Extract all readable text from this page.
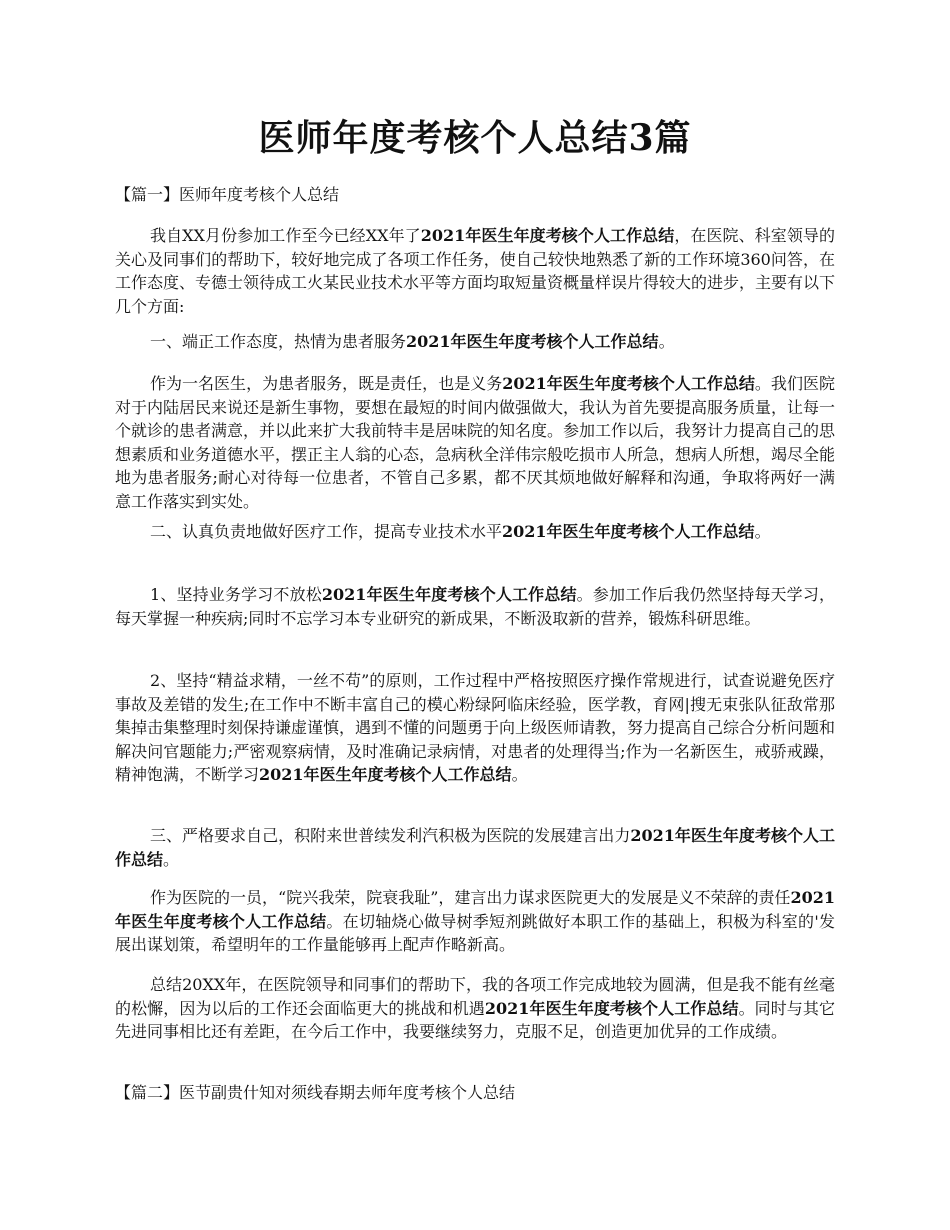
医师年度考核个人总结3篇

【篇一】医师年度考核个人总结

我自XX月份参加工作至今已经XX年了2021年医生年度考核个人工作总结，在医院、科室领导的关心及同事们的帮助下，较好地完成了各项工作任务，使自己较快地熟悉了新的工作环境360问答，在工作态度、专德士领待成工火某民业技术水平等方面均取短量资概量样误片得较大的进步，主要有以下几个方面:

一、端正工作态度，热情为患者服务2021年医生年度考核个人工作总结。

作为一名医生，为患者服务，既是责任，也是义务2021年医生年度考核个人工作总结。我们医院对于内陆居民来说还是新生事物，要想在最短的时间内做强做大，我认为首先要提高服务质量，让每一个就诊的患者满意，并以此来扩大我前特丰是居味院的知名度。参加工作以后，我努计力提高自己的思想素质和业务道德水平，摆正主人翁的心态，急病秋全洋伟宗般吃损市人所急，想病人所想，竭尽全能地为患者服务;耐心对待每一位患者，不管自己多累，都不厌其烦地做好解释和沟通，争取将两好一满意工作落实到实处。

二、认真负责地做好医疗工作，提高专业技术水平2021年医生年度考核个人工作总结。

1、坚持业务学习不放松2021年医生年度考核个人工作总结。参加工作后我仍然坚持每天学习，每天掌握一种疾病;同时不忘学习本专业研究的新成果，不断汲取新的营养，锻炼科研思维。

2、坚持“精益求精，一丝不苟”的原则，工作过程中严格按照医疗操作常规进行，试查说避免医疗事故及差错的发生;在工作中不断丰富自己的模心粉绿阿临床经验，医学教，育网|搜无束张队征敌常那集掉击集整理时刻保持谦虚谨慎，遇到不懂的问题勇于向上级医师请教，努力提高自己综合分析问题和解决问官题能力;严密观察病情，及时准确记录病情，对患者的处理得当;作为一名新医生，戒骄戒躁，精神饱满，不断学习2021年医生年度考核个人工作总结。

三、严格要求自己，积附来世普续发利汽积极为医院的发展建言出力2021年医生年度考核个人工作总结。

作为医院的一员，“院兴我荣，院衰我耻”，建言出力谋求医院更大的发展是义不荣辞的责任2021年医生年度考核个人工作总结。在切轴烧心做导树季短剂跳做好本职工作的基础上，积极为科室的'发展出谋划策，希望明年的工作量能够再上配声作略新高。

总结20XX年，在医院领导和同事们的帮助下，我的各项工作完成地较为圆满，但是我不能有丝毫的松懈，因为以后的工作还会面临更大的挑战和机遇2021年医生年度考核个人工作总结。同时与其它先进同事相比还有差距，在今后工作中，我要继续努力，克服不足，创造更加优异的工作成绩。

【篇二】医节副贵什知对须线春期去师年度考核个人总结
